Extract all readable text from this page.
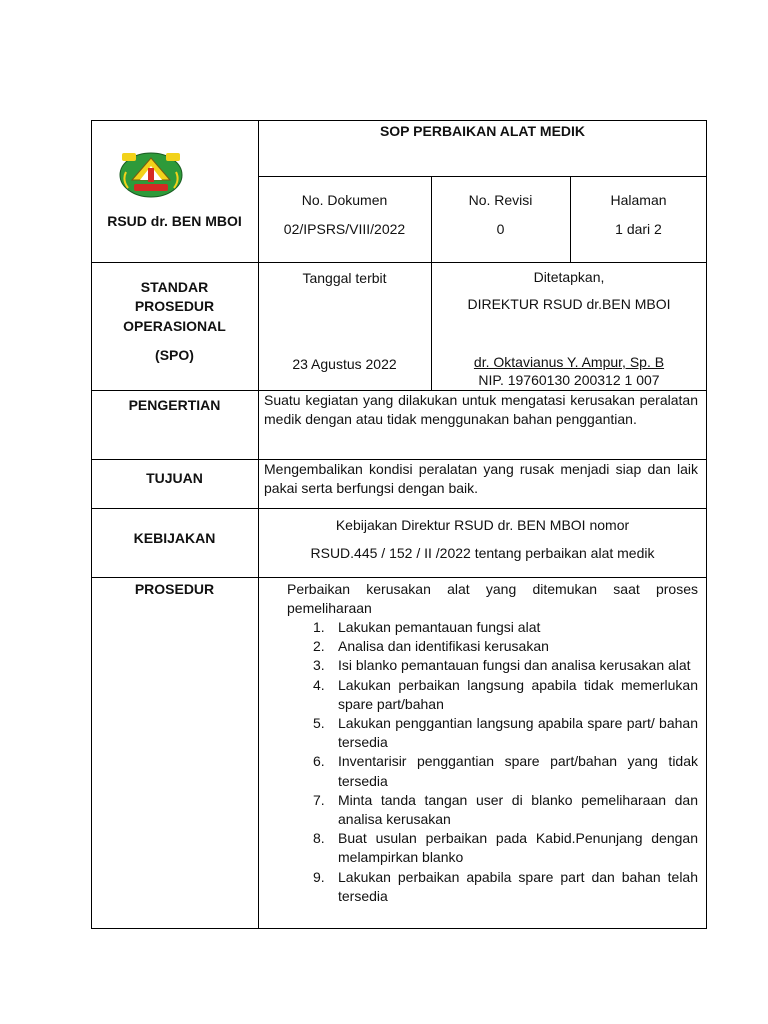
RSUD dr. BEN MBOI
SOP PERBAIKAN ALAT MEDIK
No. Dokumen
02/IPSRS/VIII/2022
No. Revisi
0
Halaman
1 dari 2
STANDAR
PROSEDUR
OPERASIONAL
(SPO)
Tanggal terbit
23 Agustus 2022
Ditetapkan,
DIREKTUR RSUD dr.BEN MBOI
dr. Oktavianus Y. Ampur, Sp. B
NIP. 19760130 200312 1 007
PENGERTIAN	Suatu kegiatan yang dilakukan untuk mengatasi kerusakan peralatan medik dengan atau tidak menggunakan bahan penggantian.
TUJUAN
Mengembalikan kondisi peralatan yang rusak menjadi siap dan laik pakai serta berfungsi dengan baik.
KEBIJAKAN
Kebijakan Direktur RSUD dr. BEN MBOI nomor
RSUD.445 / 152 / II /2022 tentang perbaikan alat medik
PROSEDUR	Perbaikan kerusakan alat yang ditemukan saat proses pemeliharaan
1. Lakukan pemantauan fungsi alat
2. Analisa dan identifikasi kerusakan
3. Isi blanko pemantauan fungsi dan analisa kerusakan alat
4. Lakukan perbaikan langsung apabila tidak memerlukan spare part/bahan
5. Lakukan penggantian langsung apabila spare part/ bahan tersedia
6. Inventarisir penggantian spare part/bahan yang tidak tersedia
7. Minta tanda tangan user di blanko pemeliharaan dan analisa kerusakan
8. Buat usulan perbaikan pada Kabid.Penunjang dengan melampirkan blanko
9. Lakukan perbaikan apabila spare part dan bahan telah tersedia
